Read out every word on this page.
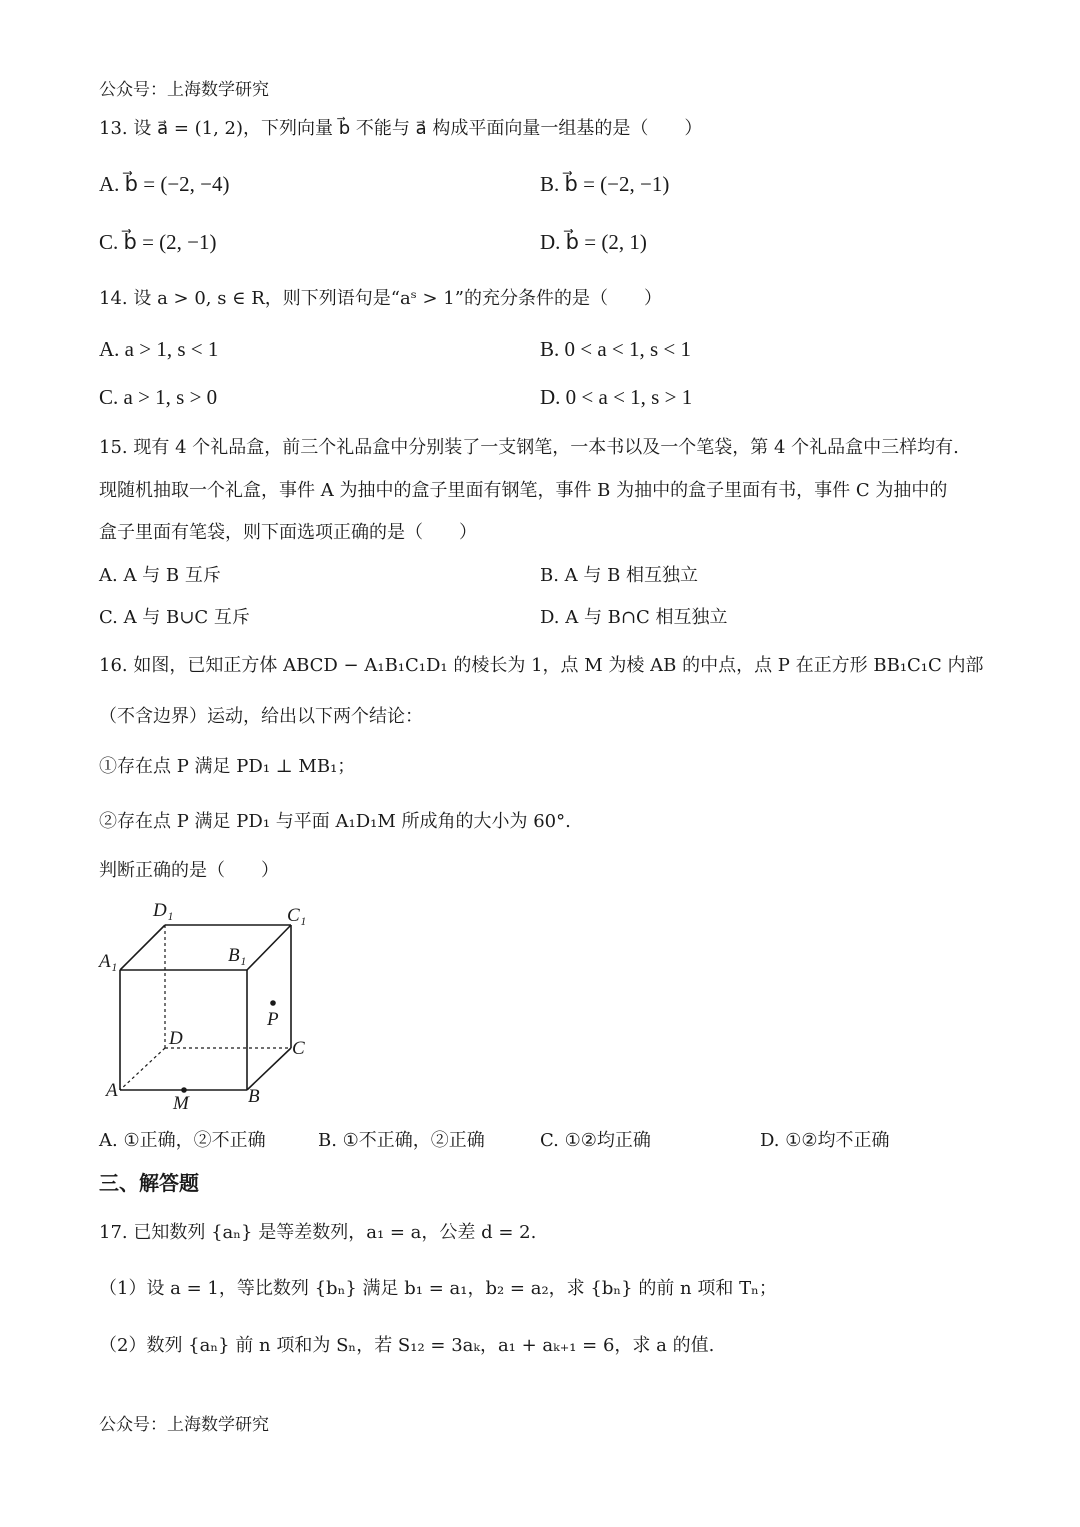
公众号：上海数学研究
13. 设 a⃗ = (1, 2)，下列向量 b⃗ 不能与 a⃗ 构成平面向量一组基的是（　　）
A. b⃗ = (−2, −4)	B. b⃗ = (−2, −1)
C. b⃗ = (2, −1)	D. b⃗ = (2, 1)
14. 设 a > 0, s ∈ R，则下列语句是“aˢ > 1”的充分条件的是（　　）
A. a > 1, s < 1	B. 0 < a < 1, s < 1
C. a > 1, s > 0	D. 0 < a < 1, s > 1
15. 现有 4 个礼品盒，前三个礼品盒中分别装了一支钢笔，一本书以及一个笔袋，第 4 个礼品盒中三样均有.
现随机抽取一个礼盒，事件 A 为抽中的盒子里面有钢笔，事件 B 为抽中的盒子里面有书，事件 C 为抽中的
盒子里面有笔袋，则下面选项正确的是（　　）
A. A 与 B 互斥	B. A 与 B 相互独立
C. A 与 B∪C 互斥	D. A 与 B∩C 相互独立
16. 如图，已知正方体 ABCD − A₁B₁C₁D₁ 的棱长为 1，点 M 为棱 AB 的中点，点 P 在正方形 BB₁C₁C 内部
（不含边界）运动，给出以下两个结论：
①存在点 P 满足 PD₁ ⊥ MB₁；
②存在点 P 满足 PD₁ 与平面 A₁D₁M 所成角的大小为 60°.
判断正确的是（　　）
D₁	C₁
A₁	B₁
P
D	C
A
M	B
A. ①正确，②不正确	B. ①不正确，②正确	C. ①②均正确	D. ①②均不正确
三、解答题
17. 已知数列 {aₙ} 是等差数列，a₁ = a，公差 d = 2.
（1）设 a = 1，等比数列 {bₙ} 满足 b₁ = a₁，b₂ = a₂，求 {bₙ} 的前 n 项和 Tₙ；
（2）数列 {aₙ} 前 n 项和为 Sₙ，若 S₁₂ = 3aₖ，a₁ + aₖ₊₁ = 6，求 a 的值.
公众号：上海数学研究
